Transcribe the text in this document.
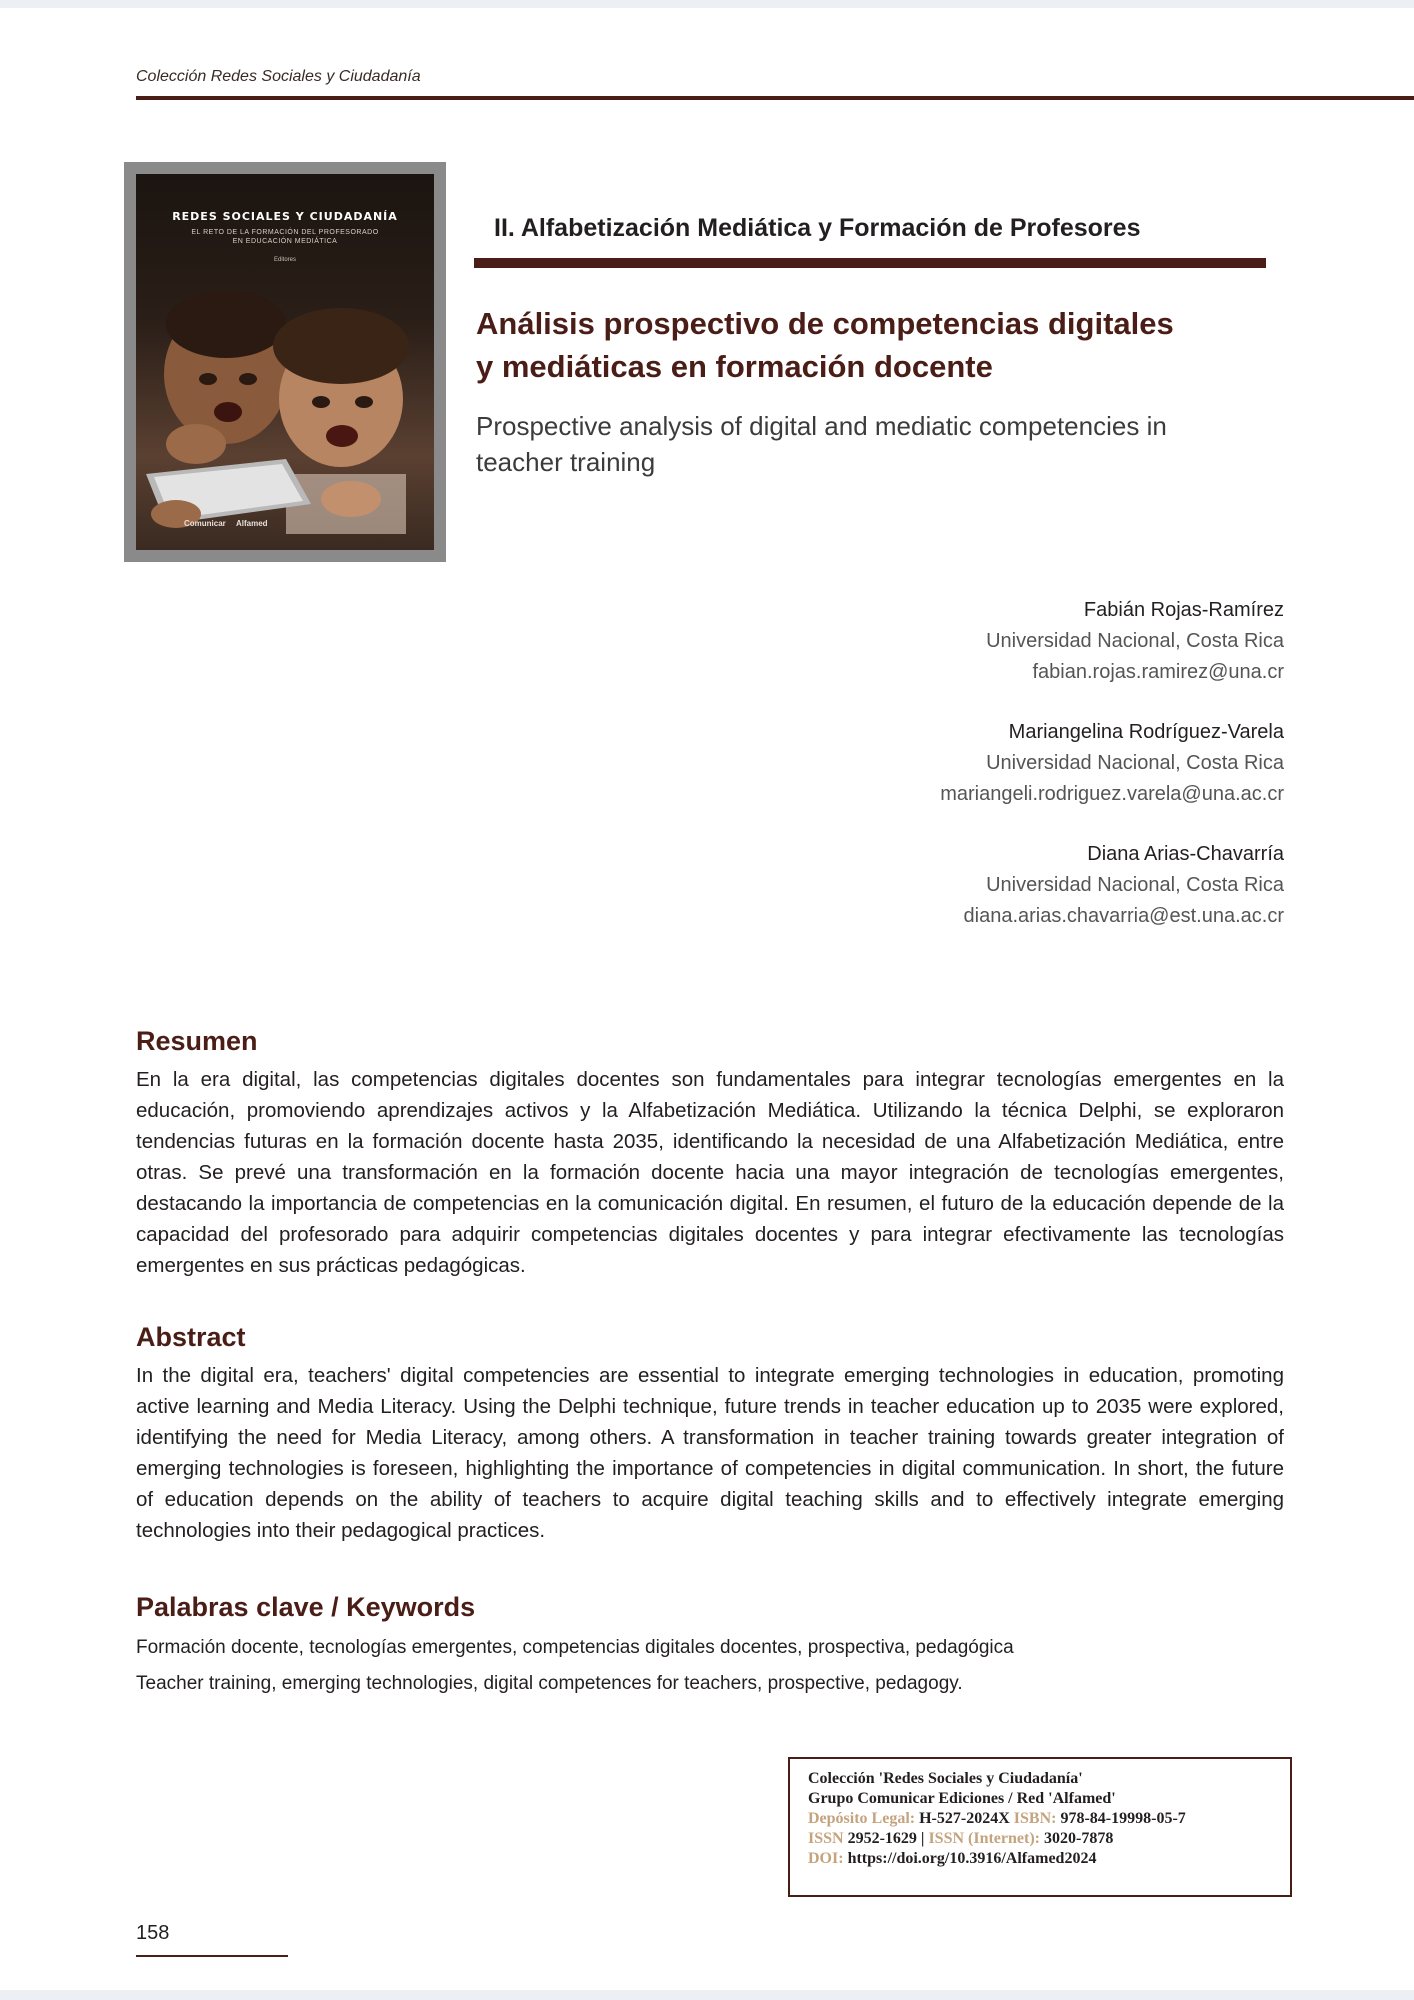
Colección Redes Sociales y Ciudadanía
REDES SOCIALES Y CIUDADANÍA
EL RETO DE LA FORMACIÓN DEL PROFESORADO
EN EDUCACIÓN MEDIÁTICA
Editores
Comunicar Alfamed
II. Alfabetización Mediática y Formación de Profesores
Análisis prospectivo de competencias digitales
y mediáticas en formación docente
Prospective analysis of digital and mediatic competencies in
teacher training
Fabián Rojas-Ramírez
Universidad Nacional, Costa Rica
fabian.rojas.ramirez@una.cr
Mariangelina Rodríguez-Varela
Universidad Nacional, Costa Rica
mariangeli.rodriguez.varela@una.ac.cr
Diana Arias-Chavarría
Universidad Nacional, Costa Rica
diana.arias.chavarria@est.una.ac.cr
Resumen

En la era digital, las competencias digitales docentes son fundamentales para integrar tecnologías emergentes en la educación, promoviendo aprendizajes activos y la Alfabetización Mediática. Utilizando la técnica Delphi, se exploraron tendencias futuras en la formación docente hasta 2035, identificando la necesidad de una Alfabetización Mediática, entre otras. Se prevé una transformación en la formación docente hacia una mayor integración de tecnologías emergentes, destacando la importancia de competencias en la comunicación digital. En resumen, el futuro de la educación depende de la capacidad del profesorado para adquirir competencias digitales docentes y para integrar efectivamente las tecnologías emergentes en sus prácticas pedagógicas.

Abstract

In the digital era, teachers' digital competencies are essential to integrate emerging technologies in education, promoting active learning and Media Literacy. Using the Delphi technique, future trends in teacher education up to 2035 were explored, identifying the need for Media Literacy, among others. A transformation in teacher training towards greater integration of emerging technologies is foreseen, highlighting the importance of competencies in digital communication. In short, the future of education depends on the ability of teachers to acquire digital teaching skills and to effectively integrate emerging technologies into their pedagogical practices.

Palabras clave / Keywords
Formación docente, tecnologías emergentes, competencias digitales docentes, prospectiva, pedagógica
Teacher training, emerging technologies, digital competences for teachers, prospective, pedagogy.
Colección 'Redes Sociales y Ciudadanía'
Grupo Comunicar Ediciones / Red 'Alfamed'
Depósito Legal: H-527-2024X ISBN: 978-84-19998-05-7
ISSN 2952-1629 | ISSN (Internet): 3020-7878
DOI: https://doi.org/10.3916/Alfamed2024
158
